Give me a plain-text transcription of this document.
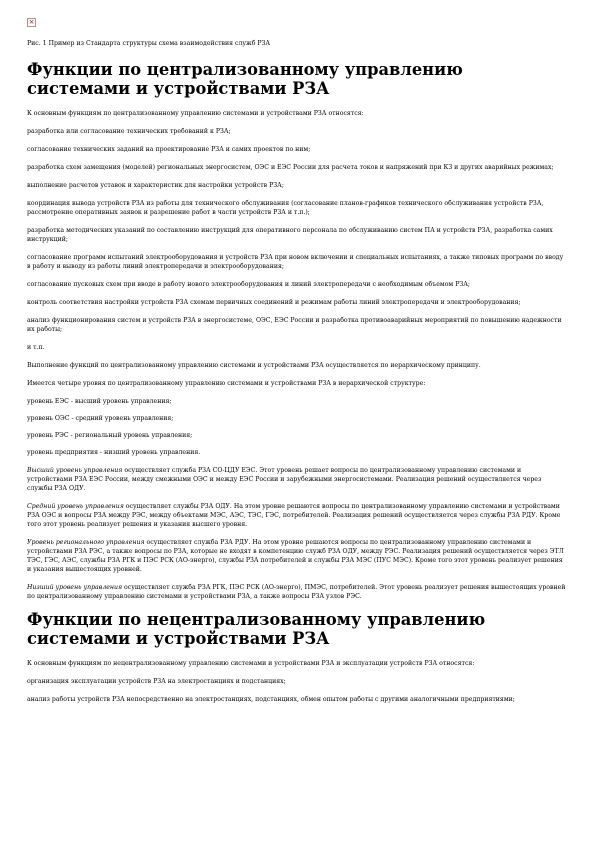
×
Рис. 1 Пример из Стандарта структуры схема взаимодействия служб РЗА
Функции по централизованному управлению системами и устройствами РЗА

К основным функциям по централизованному управлению системами и устройствами РЗА относятся:

разработка или согласование технических требований к РЗА;

согласование технических заданий на проектирование РЗА и самих проектов по ним;

разработка схем замещения (моделей) региональных энергосистем, ОЭС и ЕЭС России для расчета токов и напряжений при КЗ и других аварийных режимах;

выполнение расчетов уставок и характеристик для настройки устройств РЗА;

координация вывода устройств РЗА из работы для технического обслуживания (согласование планов-графиков технического обслуживания устройств РЗА, рассмотрение оперативных заявок и разрешение работ в части устройств РЗА и т.п.);

разработка методических указаний по составлению инструкций для оперативного персонала по обслуживанию систем ПА и устройств РЗА, разработка самих инструкций;

согласование программ испытаний электрооборудования и устройств РЗА при новом включении и специальных испытаниях, а также типовых программ по вводу в работу и выводу из работы линий электропередачи и электрооборудования;

согласование пусковых схем при вводе в работу нового электрооборудования и линий электропередачи с необходимым объемом РЗА;

контроль соответствия настройки устройств РЗА схемам первичных соединений и режимам работы линий электропередачи и электрооборудования;

анализ функционирования систем и устройств РЗА в энергосистеме, ОЭС, ЕЭС России и разработка противоаварийных мероприятий по повышению надежности их работы;

и т.п.

Выполнение функций по централизованному управлению системами и устройствами РЗА осуществляется по иерархическому принципу.

Имеется четыре уровня по централизованному управлению системами и устройствами РЗА в иерархической структуре:

уровень ЕЭС - высший уровень управления;

уровень ОЭС - средний уровень управления;

уровень РЭС - региональный уровень управления;

уровень предприятия - низший уровень управления.

Высший уровень управления осуществляет служба РЗА СО-ЦДУ ЕЭС. Этот уровень решает вопросы по централизованному управлению системами и устройствами РЗА ЕЭС России, между смежными ОЭС и между ЕЭС России и зарубежными энергосистемами. Реализация решений осуществляется через службы РЗА ОДУ.

Средний уровень управления осуществляет службы РЗА ОДУ. На этом уровне решаются вопросы по централизованному управлению системами и устройствами РЗА ОЭС и вопросы РЗА между РЭС, между объектами МЭС, АЭС, ТЭС, ГЭС, потребителей. Реализация решений осуществляется через службы РЗА РДУ. Кроме того этот уровень реализует решения и указания высшего уровня.

Уровень регионального управления осуществляет служба РЗА РДУ. На этом уровне решаются вопросы по централизованному управлению системами и устройствами РЗА РЭС, а также вопросы по РЗА, которые не входят в компетенцию служб РЗА ОДУ, между РЭС. Реализация решений осуществляется через ЭТЛ ТЭС, ГЭС, АЭС, службы РЗА РГК и ПЭС РСК (АО-энерго), службы РЗА потребителей и службы РЗА МЭС (ПУС МЭС). Кроме того этот уровень реализует решения и указания вышестоящих уровней.

Низший уровень управления осуществляет служба РЗА РГК, ПЭС РСК (АО-энерго), ПМЭС, потребителей. Этот уровень реализует решения вышестоящих уровней по централизованному управлению системами и устройствами РЗА, а также вопросы РЗА узлов РЭС.

Функции по нецентрализованному управлению системами и устройствами РЗА

К основным функциям по нецентрализованному управлению системами и устройствами РЗА и эксплуатации устройств РЗА относятся:

организация эксплуатации устройств РЗА на электростанциях и подстанциях;

анализ работы устройств РЗА непосредственно на электростанциях, подстанциях, обмен опытом работы с другими аналогичными предприятиями;
